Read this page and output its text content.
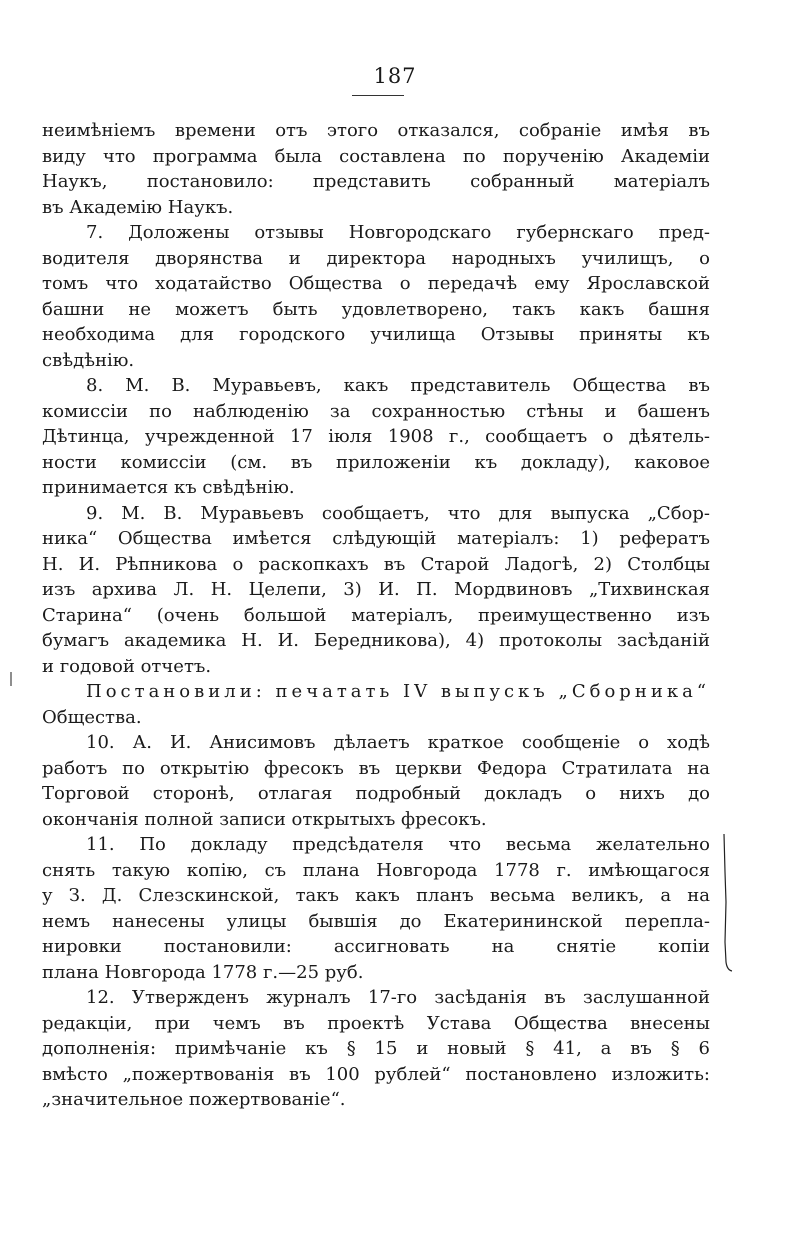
187
неимѣніемъ времени отъ этого отказался, собраніе имѣя въ
виду что программа была составлена по порученію Академіи
Наукъ, постановило: представить собранный матеріалъ
въ Академію Наукъ.
7. Доложены отзывы Новгородскаго губернскаго пред-
водителя дворянства и директора народныхъ училищъ, о
томъ что ходатайство Общества о передачѣ ему Ярославской
башни не можетъ быть удовлетворено, такъ какъ башня
необходима для городского училища Отзывы приняты къ
свѣдѣнію.
8. М. В. Муравьевъ, какъ представитель Общества въ
комиссіи по наблюденію за сохранностью стѣны и башенъ
Дѣтинца, учрежденной 17 іюля 1908 г., сообщаетъ о дѣятель-
ности комиссіи (см. въ приложеніи къ докладу), каковое
принимается къ свѣдѣнію.
9. М. В. Муравьевъ сообщаетъ, что для выпуска „Сбор-
ника“ Общества имѣется слѣдующій матеріалъ: 1) рефератъ
Н. И. Рѣпникова о раскопкахъ въ Старой Ладогѣ, 2) Столбцы
изъ архива Л. Н. Целепи, 3) И. П. Мордвиновъ „Тихвинская
Старина“ (очень большой матеріалъ, преимущественно изъ
бумагъ академика Н. И. Бередникова), 4) протоколы засѣданій
и годовой отчетъ.
Постановили: печатать IV выпускъ „Сборника“
Общества.
10. А. И. Анисимовъ дѣлаетъ краткое сообщеніе о ходѣ
работъ по открытію фресокъ въ церкви Федора Стратилата на
Торговой сторонѣ, отлагая подробный докладъ о нихъ до
окончанія полной записи открытыхъ фресокъ.
11. По докладу предсѣдателя что весьма желательно
снять такую копію, съ плана Новгорода 1778 г. имѣющагося
у З. Д. Слезскинской, такъ какъ планъ весьма великъ, а на
немъ нанесены улицы бывшія до Екатерининской перепла-
нировки постановили: ассигновать на снятіе копіи
плана Новгорода 1778 г.—25 руб.
12. Утвержденъ журналъ 17-го засѣданія въ заслушанной
редакціи, при чемъ въ проектѣ Устава Общества внесены
дополненія: примѣчаніе къ § 15 и новый § 41, а въ § 6
вмѣсто „пожертвованія въ 100 рублей“ постановлено изложить:
„значительное пожертвованіе“.
